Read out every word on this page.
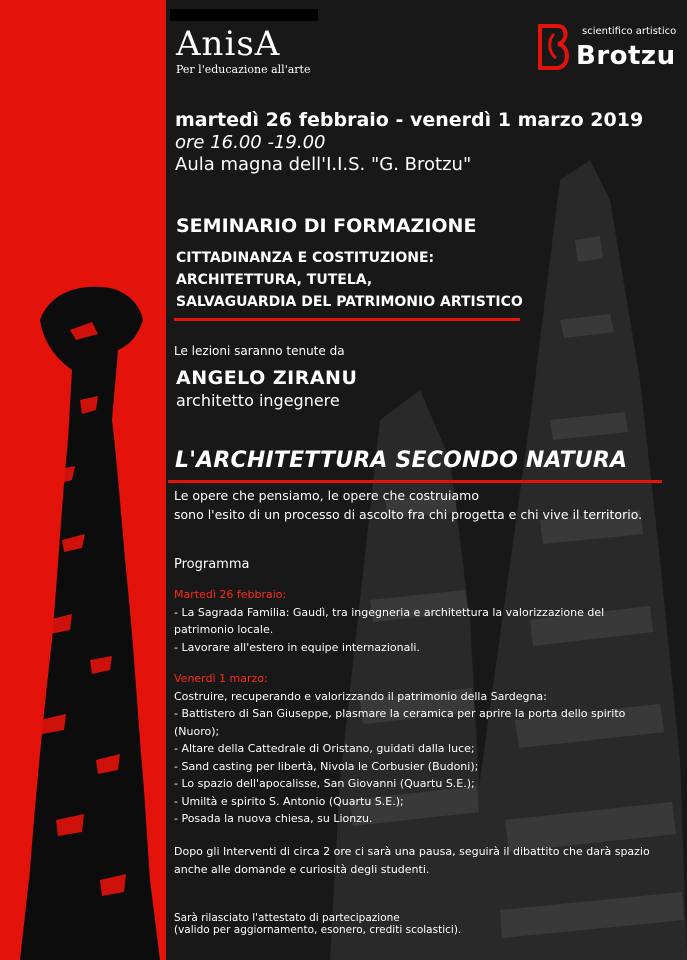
AnisA
Per l'educazione all'arte
scientifico artistico
Brotzu
martedì 26 febbraio - venerdì 1 marzo 2019
ore 16.00 -19.00
Aula magna dell'I.I.S. "G. Brotzu"
SEMINARIO DI FORMAZIONE
CITTADINANZA E COSTITUZIONE:
ARCHITETTURA, TUTELA,
SALVAGUARDIA DEL PATRIMONIO ARTISTICO
Le lezioni saranno tenute da
ANGELO ZIRANU
architetto ingegnere
L'ARCHITETTURA SECONDO NATURA
Le opere che pensiamo, le opere che costruiamo
sono l'esito di un processo di ascolto fra chi progetta e chi vive il territorio.
Programma
Martedì 26 febbraio:
- La Sagrada Familia: Gaudì, tra ingegneria e architettura la valorizzazione del
patrimonio locale.
- Lavorare all'estero in equipe internazionali.
Venerdì 1 marzo:
Costruire, recuperando e valorizzando il patrimonio della Sardegna:
- Battistero di San Giuseppe, plasmare la ceramica per aprire la porta dello spirito
(Nuoro);
- Altare della Cattedrale di Oristano, guidati dalla luce;
- Sand casting per libertà, Nivola le Corbusier (Budoni);
- Lo spazio dell'apocalisse, San Giovanni (Quartu S.E.);
- Umiltà e spirito S. Antonio (Quartu S.E.);
- Posada la nuova chiesa, su Lionzu.
Dopo gli Interventi di circa 2 ore ci sarà una pausa, seguirà il dibattito che darà spazio
anche alle domande e curiosità degli studenti.
Sarà rilasciato l'attestato di partecipazione
(valido per aggiornamento, esonero, crediti scolastici).
